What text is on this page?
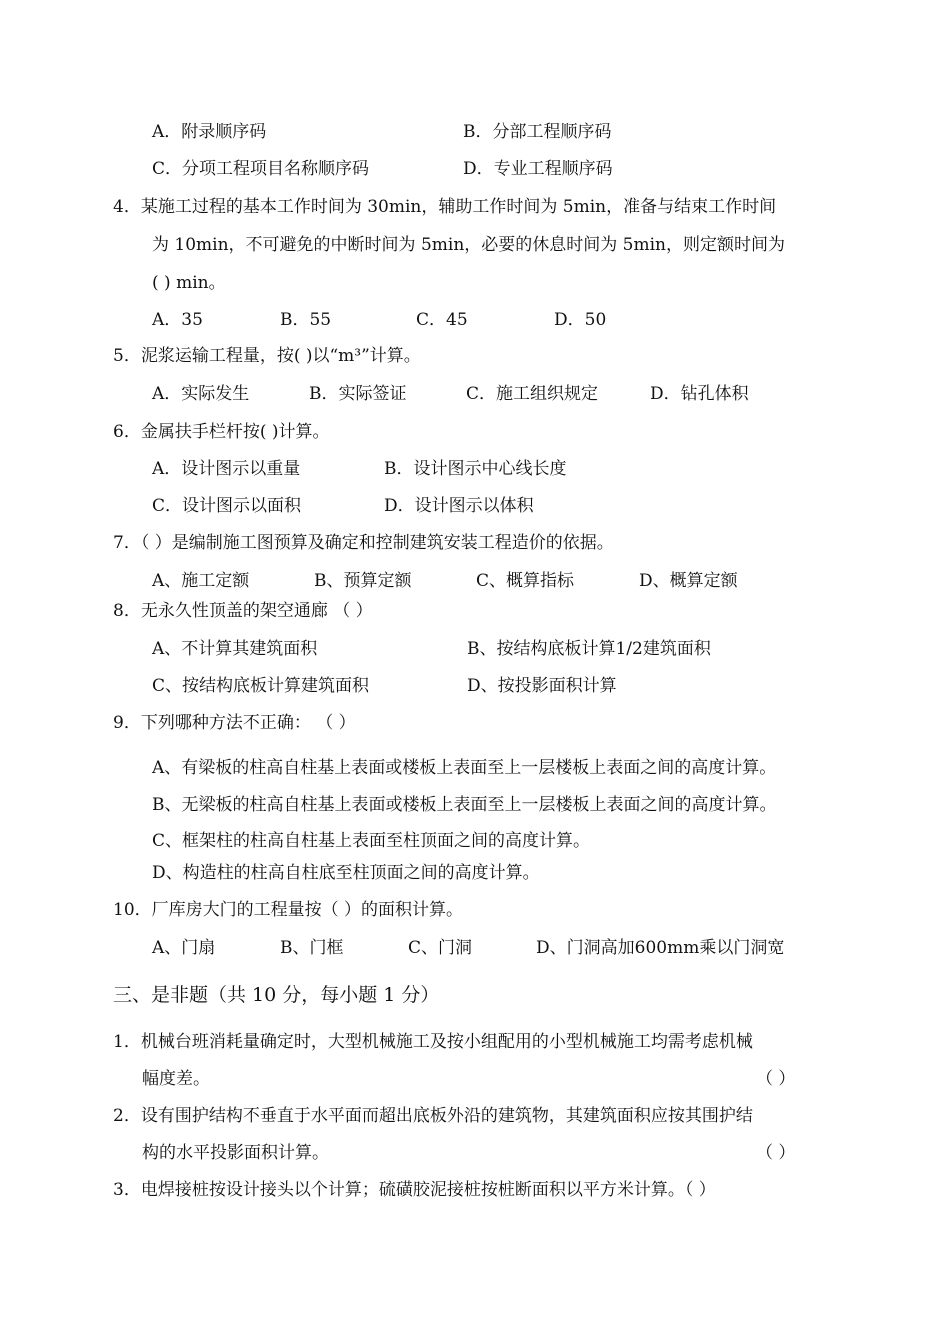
A．附录顺序码	B．分部工程顺序码
C．分项工程项目名称顺序码	D．专业工程顺序码
4．某施工过程的基本工作时间为 30min，辅助工作时间为 5min，准备与结束工作时间
为 10min，不可避免的中断时间为 5min，必要的休息时间为 5min，则定额时间为
( ) min。
A．35	B．55	C．45	D．50
5．泥浆运输工程量，按( )以“m³”计算。
A．实际发生	B．实际签证	C．施工组织规定	D．钻孔体积
6．金属扶手栏杆按( )计算。
A．设计图示以重量	B．设计图示中心线长度
C．设计图示以面积	D．设计图示以体积
7．（ ）是编制施工图预算及确定和控制建筑安装工程造价的依据。
A、施工定额	B、预算定额	C、概算指标	D、概算定额
8．无永久性顶盖的架空通廊 （ ）
A、不计算其建筑面积	B、按结构底板计算1/2建筑面积
C、按结构底板计算建筑面积	D、按投影面积计算
9．下列哪种方法不正确： （ ）
A、有梁板的柱高自柱基上表面或楼板上表面至上一层楼板上表面之间的高度计算。
B、无梁板的柱高自柱基上表面或楼板上表面至上一层楼板上表面之间的高度计算。
C、框架柱的柱高自柱基上表面至柱顶面之间的高度计算。
D、构造柱的柱高自柱底至柱顶面之间的高度计算。
10．厂库房大门的工程量按（ ）的面积计算。
A、门扇	B、门框	C、门洞	D、门洞高加600mm乘以门洞宽
三、是非题（共 10 分，每小题 1 分）
1．机械台班消耗量确定时，大型机械施工及按小组配用的小型机械施工均需考虑机械
幅度差。	（ ）
2．设有围护结构不垂直于水平面而超出底板外沿的建筑物，其建筑面积应按其围护结
构的水平投影面积计算。	（ ）
3．电焊接桩按设计接头以个计算；硫磺胶泥接桩按桩断面积以平方米计算。（ ）
